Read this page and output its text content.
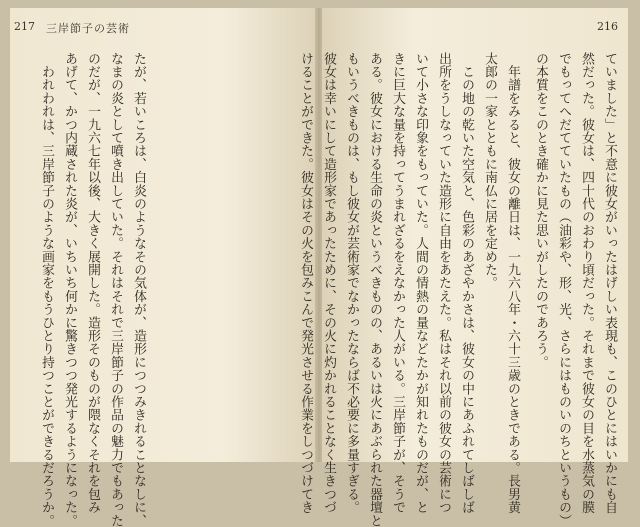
217 三岸節子の芸術
たが、若いころは、白炎のようなその気体が、造形につつみきれることなしに、
なまの炎として噴き出していた。それはそれで三岸節子の作品の魅力でもあった
のだが、一九六七年以後、大きく展開した。造形そのものが隈なくそれを包み
あげて、かつ内蔵された炎が、いちいち何かに驚きつつ発光するようになった。
　われわれは、三岸節子のような画家をもうひとり持つことができるだろうか。
216
ていました」と不意に彼女がいったはげしい表現も、このひとにはいかにも自
然だった。彼女は、四十代のおわり頃だった。それまで彼女の目を水蒸気の膜
でもってへだてていたもの（油彩や、形、光、さらにはものいのちというもの）
の本質をこのとき確かに見た思いがしたのであろう。
　年譜をみると、彼女の離日は、一九六八年・六十三歳のときである。長男黄
太郎の一家とともに南仏に居を定めた。
　この地の乾いた空気と、色彩のあざやかさは、彼女の中にあふれてしばしば
出所をうしなっていた造形に自由をあたえた。私はそれ以前の彼女の芸術につ
いて小さな印象をもっていた。人間の情熱の量などたかが知れたものだが、と
きに巨大な量を持ってうまれざるをえなかった人がいる。三岸節子が、そうで
ある。彼女における生命の炎というべきものの、あるいは火にあぶられた器壇と
もいうべきものは、もし彼女が芸術家でなかったならば不必要に多量すぎる。
彼女は幸いにして造形家であったために、その火に灼かれることなく生きつづ
けることができた。彼女はその火を包みこんで発光させる作業をしつづけてき
